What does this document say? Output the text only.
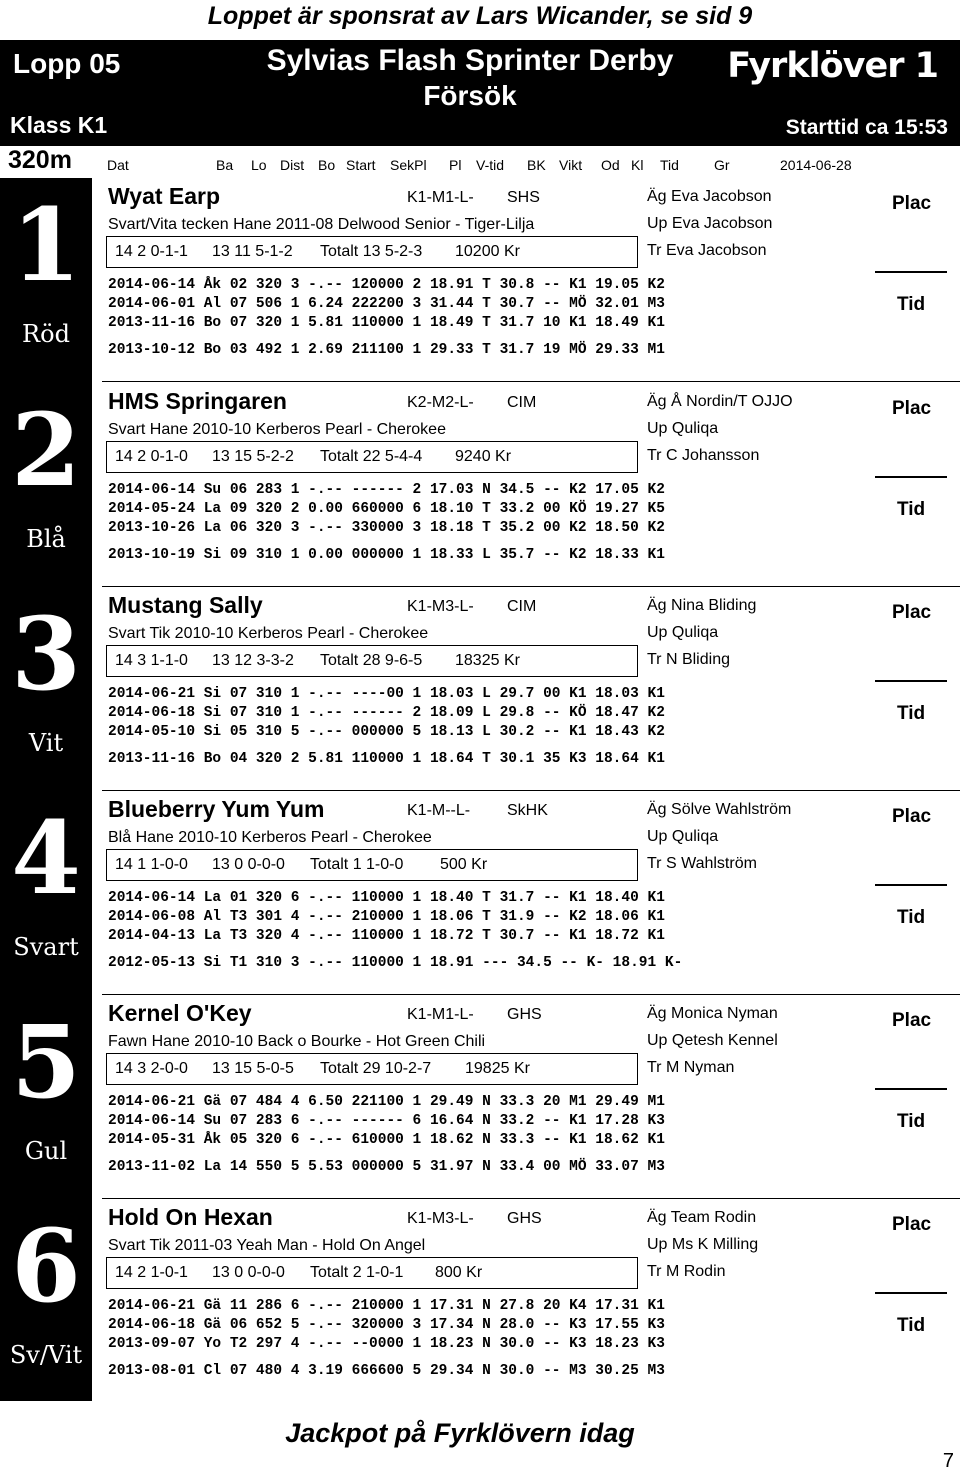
Loppet är sponsrat av Lars Wicander, se sid 9
Lopp 05	Sylvias Flash Sprinter Derby
Försök
Fyrklöver 1
Klass K1	Starttid ca 15:53
320m	Dat	Ba Lo Dist Bo Start SekPl Pl V-tid BK Vikt Od Kl Tid	Gr	2014-06-28
1
Röd
Wyat Earp	K1-M1-L- SHS
Svart/Vita tecken Hane 2011-08 Delwood Senior - Tiger-Lilja
14 2 0-1-1 13 11 5-1-2 Totalt 13 5-2-3 10200 Kr
Äg Eva Jacobson
Up Eva Jacobson
Tr Eva Jacobson
Plac
Tid
2014-06-14 Åk 02 320 3 -.-- 120000 2 18.91 T 30.8 -- K1 19.05 K2
2014-06-01 Al 07 506 1 6.24 222200 3 31.44 T 30.7 -- MÖ 32.01 M3
2013-11-16 Bo 07 320 1 5.81 110000 1 18.49 T 31.7 10 K1 18.49 K1
2013-10-12 Bo 03 492 1 2.69 211100 1 29.33 T 31.7 19 MÖ 29.33 M1
2
Blå
HMS Springaren	K2-M2-L- CIM
Svart Hane 2010-10 Kerberos Pearl - Cherokee
14 2 0-1-0 13 15 5-2-2 Totalt 22 5-4-4 9240 Kr
Äg Å Nordin/T OJJO
Up Quliqa
Tr C Johansson
Plac
Tid
2014-06-14 Su 06 283 1 -.-- ------ 2 17.03 N 34.5 -- K2 17.05 K2
2014-05-24 La 09 320 2 0.00 660000 6 18.10 T 33.2 00 KÖ 19.27 K5
2013-10-26 La 06 320 3 -.-- 330000 3 18.18 T 35.2 00 K2 18.50 K2
2013-10-19 Si 09 310 1 0.00 000000 1 18.33 L 35.7 -- K2 18.33 K1
3
Vit
Mustang Sally	K1-M3-L- CIM
Svart Tik 2010-10 Kerberos Pearl - Cherokee
14 3 1-1-0 13 12 3-3-2 Totalt 28 9-6-5 18325 Kr
Äg Nina Bliding
Up Quliqa
Tr N Bliding
Plac
Tid
2014-06-21 Si 07 310 1 -.-- ----00 1 18.03 L 29.7 00 K1 18.03 K1
2014-06-18 Si 07 310 1 -.-- ------ 2 18.09 L 29.8 -- KÖ 18.47 K2
2014-05-10 Si 05 310 5 -.-- 000000 5 18.13 L 30.2 -- K1 18.43 K2
2013-11-16 Bo 04 320 2 5.81 110000 1 18.64 T 30.1 35 K3 18.64 K1
4
Svart
Blueberry Yum Yum	K1-M--L- SkHK
Blå Hane 2010-10 Kerberos Pearl - Cherokee
14 1 1-0-0 13 0 0-0-0 Totalt 1 1-0-0 500 Kr
Äg Sölve Wahlström
Up Quliqa
Tr S Wahlström
Plac
Tid
2014-06-14 La 01 320 6 -.-- 110000 1 18.40 T 31.7 -- K1 18.40 K1
2014-06-08 Al T3 301 4 -.-- 210000 1 18.06 T 31.9 -- K2 18.06 K1
2014-04-13 La T3 320 4 -.-- 110000 1 18.72 T 30.7 -- K1 18.72 K1
2012-05-13 Si T1 310 3 -.-- 110000 1 18.91 --- 34.5 -- K- 18.91 K-
5
Gul
Kernel O'Key	K1-M1-L- GHS
Fawn Hane 2010-10 Back o Bourke - Hot Green Chili
14 3 2-0-0 13 15 5-0-5 Totalt 29 10-2-7 19825 Kr
Äg Monica Nyman
Up Qetesh Kennel
Tr M Nyman
Plac
Tid
2014-06-21 Gä 07 484 4 6.50 221100 1 29.49 N 33.3 20 M1 29.49 M1
2014-06-14 Su 07 283 6 -.-- ------ 6 16.64 N 33.2 -- K1 17.28 K3
2014-05-31 Åk 05 320 6 -.-- 610000 1 18.62 N 33.3 -- K1 18.62 K1
2013-11-02 La 14 550 5 5.53 000000 5 31.97 N 33.4 00 MÖ 33.07 M3
6
Sv/Vit
Hold On Hexan	K1-M3-L- GHS
Svart Tik 2011-03 Yeah Man - Hold On Angel
14 2 1-0-1 13 0 0-0-0 Totalt 2 1-0-1 800 Kr
Äg Team Rodin
Up Ms K Milling
Tr M Rodin
Plac
Tid
2014-06-21 Gä 11 286 6 -.-- 210000 1 17.31 N 27.8 20 K4 17.31 K1
2014-06-18 Gä 06 652 5 -.-- 320000 3 17.34 N 28.0 -- K3 17.55 K3
2013-09-07 Yo T2 297 4 -.-- --0000 1 18.23 N 30.0 -- K3 18.23 K3
2013-08-01 Cl 07 480 4 3.19 666600 5 29.34 N 30.0 -- M3 30.25 M3
Jackpot på Fyrklövern idag
7
